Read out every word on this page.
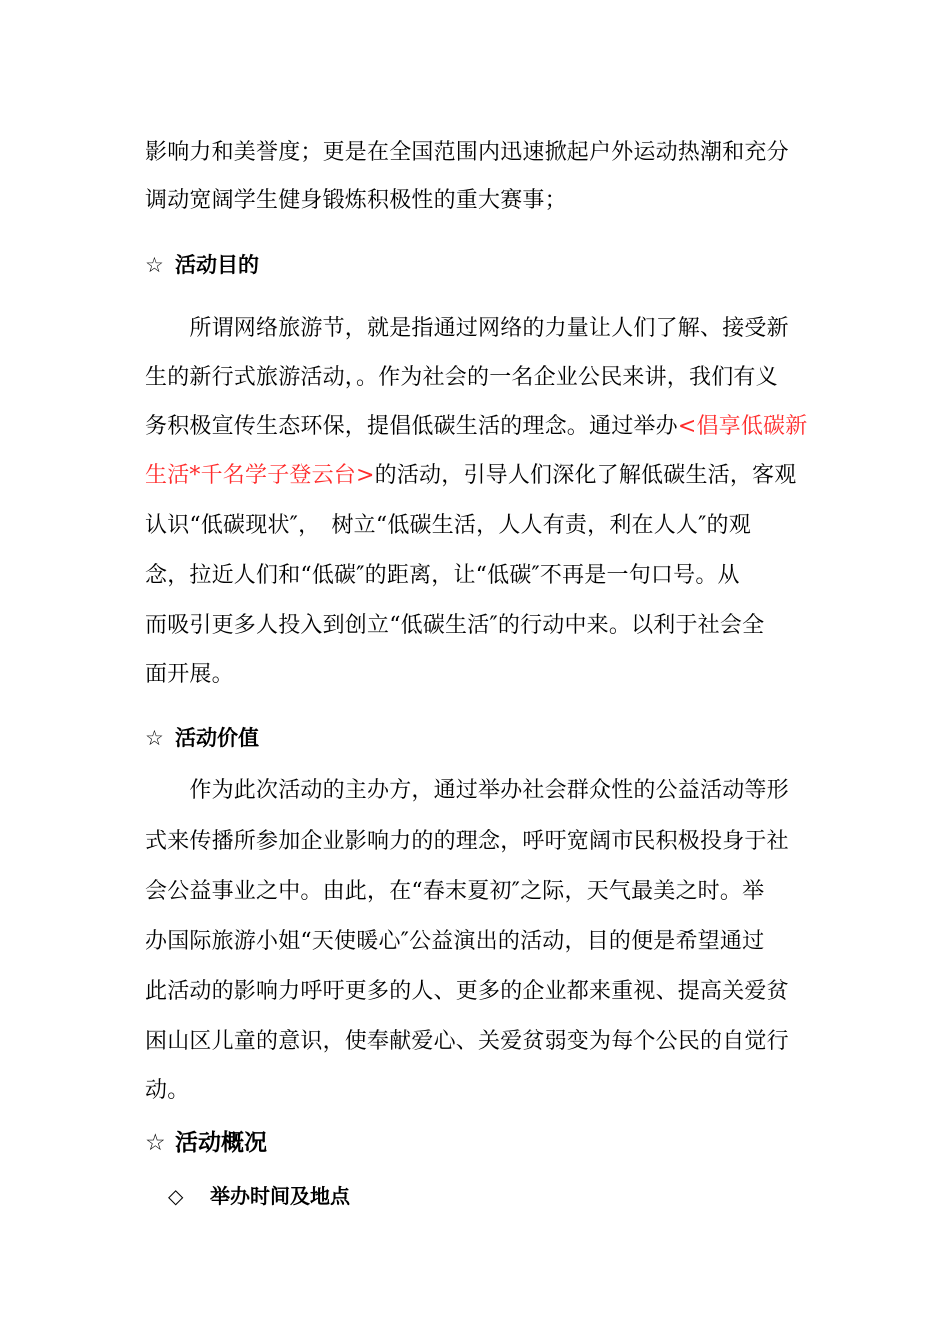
影响力和美誉度；更是在全国范围内迅速掀起户外运动热潮和充分
调动宽阔学生健身锻炼积极性的重大赛事；
☆ 活动目的
　　所谓网络旅游节，就是指通过网络的力量让人们了解、接受新
生的新行式旅游活动，。作为社会的一名企业公民来讲，我们有义
务积极宣传生态环保，提倡低碳生活的理念。通过举办<倡享低碳新
生活*千名学子登云台>的活动，引导人们深化了解低碳生活，客观
认识“低碳现状″，　树立“低碳生活，人人有责，利在人人″的观
念，拉近人们和“低碳″的距离，让“低碳″不再是一句口号。从
而吸引更多人投入到创立“低碳生活″的行动中来。以利于社会全
面开展。
☆ 活动价值
　　作为此次活动的主办方，通过举办社会群众性的公益活动等形
式来传播所参加企业影响力的的理念，呼吁宽阔市民积极投身于社
会公益事业之中。由此，在“春末夏初″之际，天气最美之时。举
办国际旅游小姐“天使暖心″公益演出的活动，目的便是希望通过
此活动的影响力呼吁更多的人、更多的企业都来重视、提高关爱贫
困山区儿童的意识，使奉献爱心、关爱贫弱变为每个公民的自觉行
动。
☆ 活动概况
◇ 举办时间及地点
